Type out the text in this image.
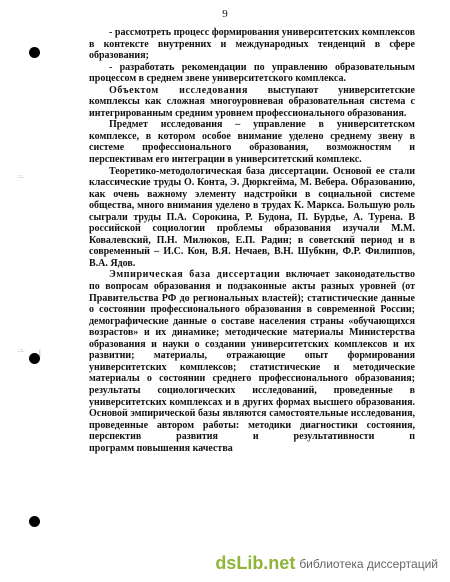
9
::.:.
.:::. |

- рассмотреть процесс формирования университетских комплексов в контексте внутренних и международных тенденций в сфере образования;

- разработать рекомендации по управлению образовательным процессом в среднем звене университетского комплекса.

Объектом исследования выступают университетские комплексы как сложная многоуровневая образовательная система с интегрированным средним уровнем профессионального образования.

Предмет исследования – управление в университетском комплексе, в котором особое внимание уделено среднему звену в системе профессионального образования, возможностям и перспективам его интеграции в университетский комплекс.

Теоретико-методологическая база диссертации. Основой ее стали классические труды О. Конта, Э. Дюркгейма, М. Вебера. Образованию, как очень важному элементу надстройки в социальной системе общества, много внимания уделено в трудах К. Маркса. Большую роль сыграли труды П.А. Сорокина, Р. Будона, П. Бурдье, А. Турена. В российской социологии проблемы образования изучали М.М. Ковалевский, П.Н. Милюков, Е.П. Радин; в советский период и в современный – И.С. Кон, В.Я. Нечаев, В.Н. Шубкин, Ф.Р. Филиппов, В.А. Ядов.

Эмпирическая база диссертации включает законодательство по вопросам образования и подзаконные акты разных уровней (от Правительства РФ до региональных властей); статистические данные о состоянии профессионального образования в современной России; демографические данные о составе населения страны «обучающихся возрастов» и их динамике; методические материалы Министерства образования и науки о создании университетских комплексов и их развитии; материалы, отражающие опыт формирования университетских комплексов; статистические и методические материалы о состоянии среднего профессионального образования; результаты социологических исследований, проведенные в университетских комплексах и в других формах высшего образования. Основой эмпирической базы являются самостоятельные исследования, проведенные автором работы: методики диагностики состояния, перспектив развития и результативности п

программ повышения качества

dsLib.net библиотека диссертаций
